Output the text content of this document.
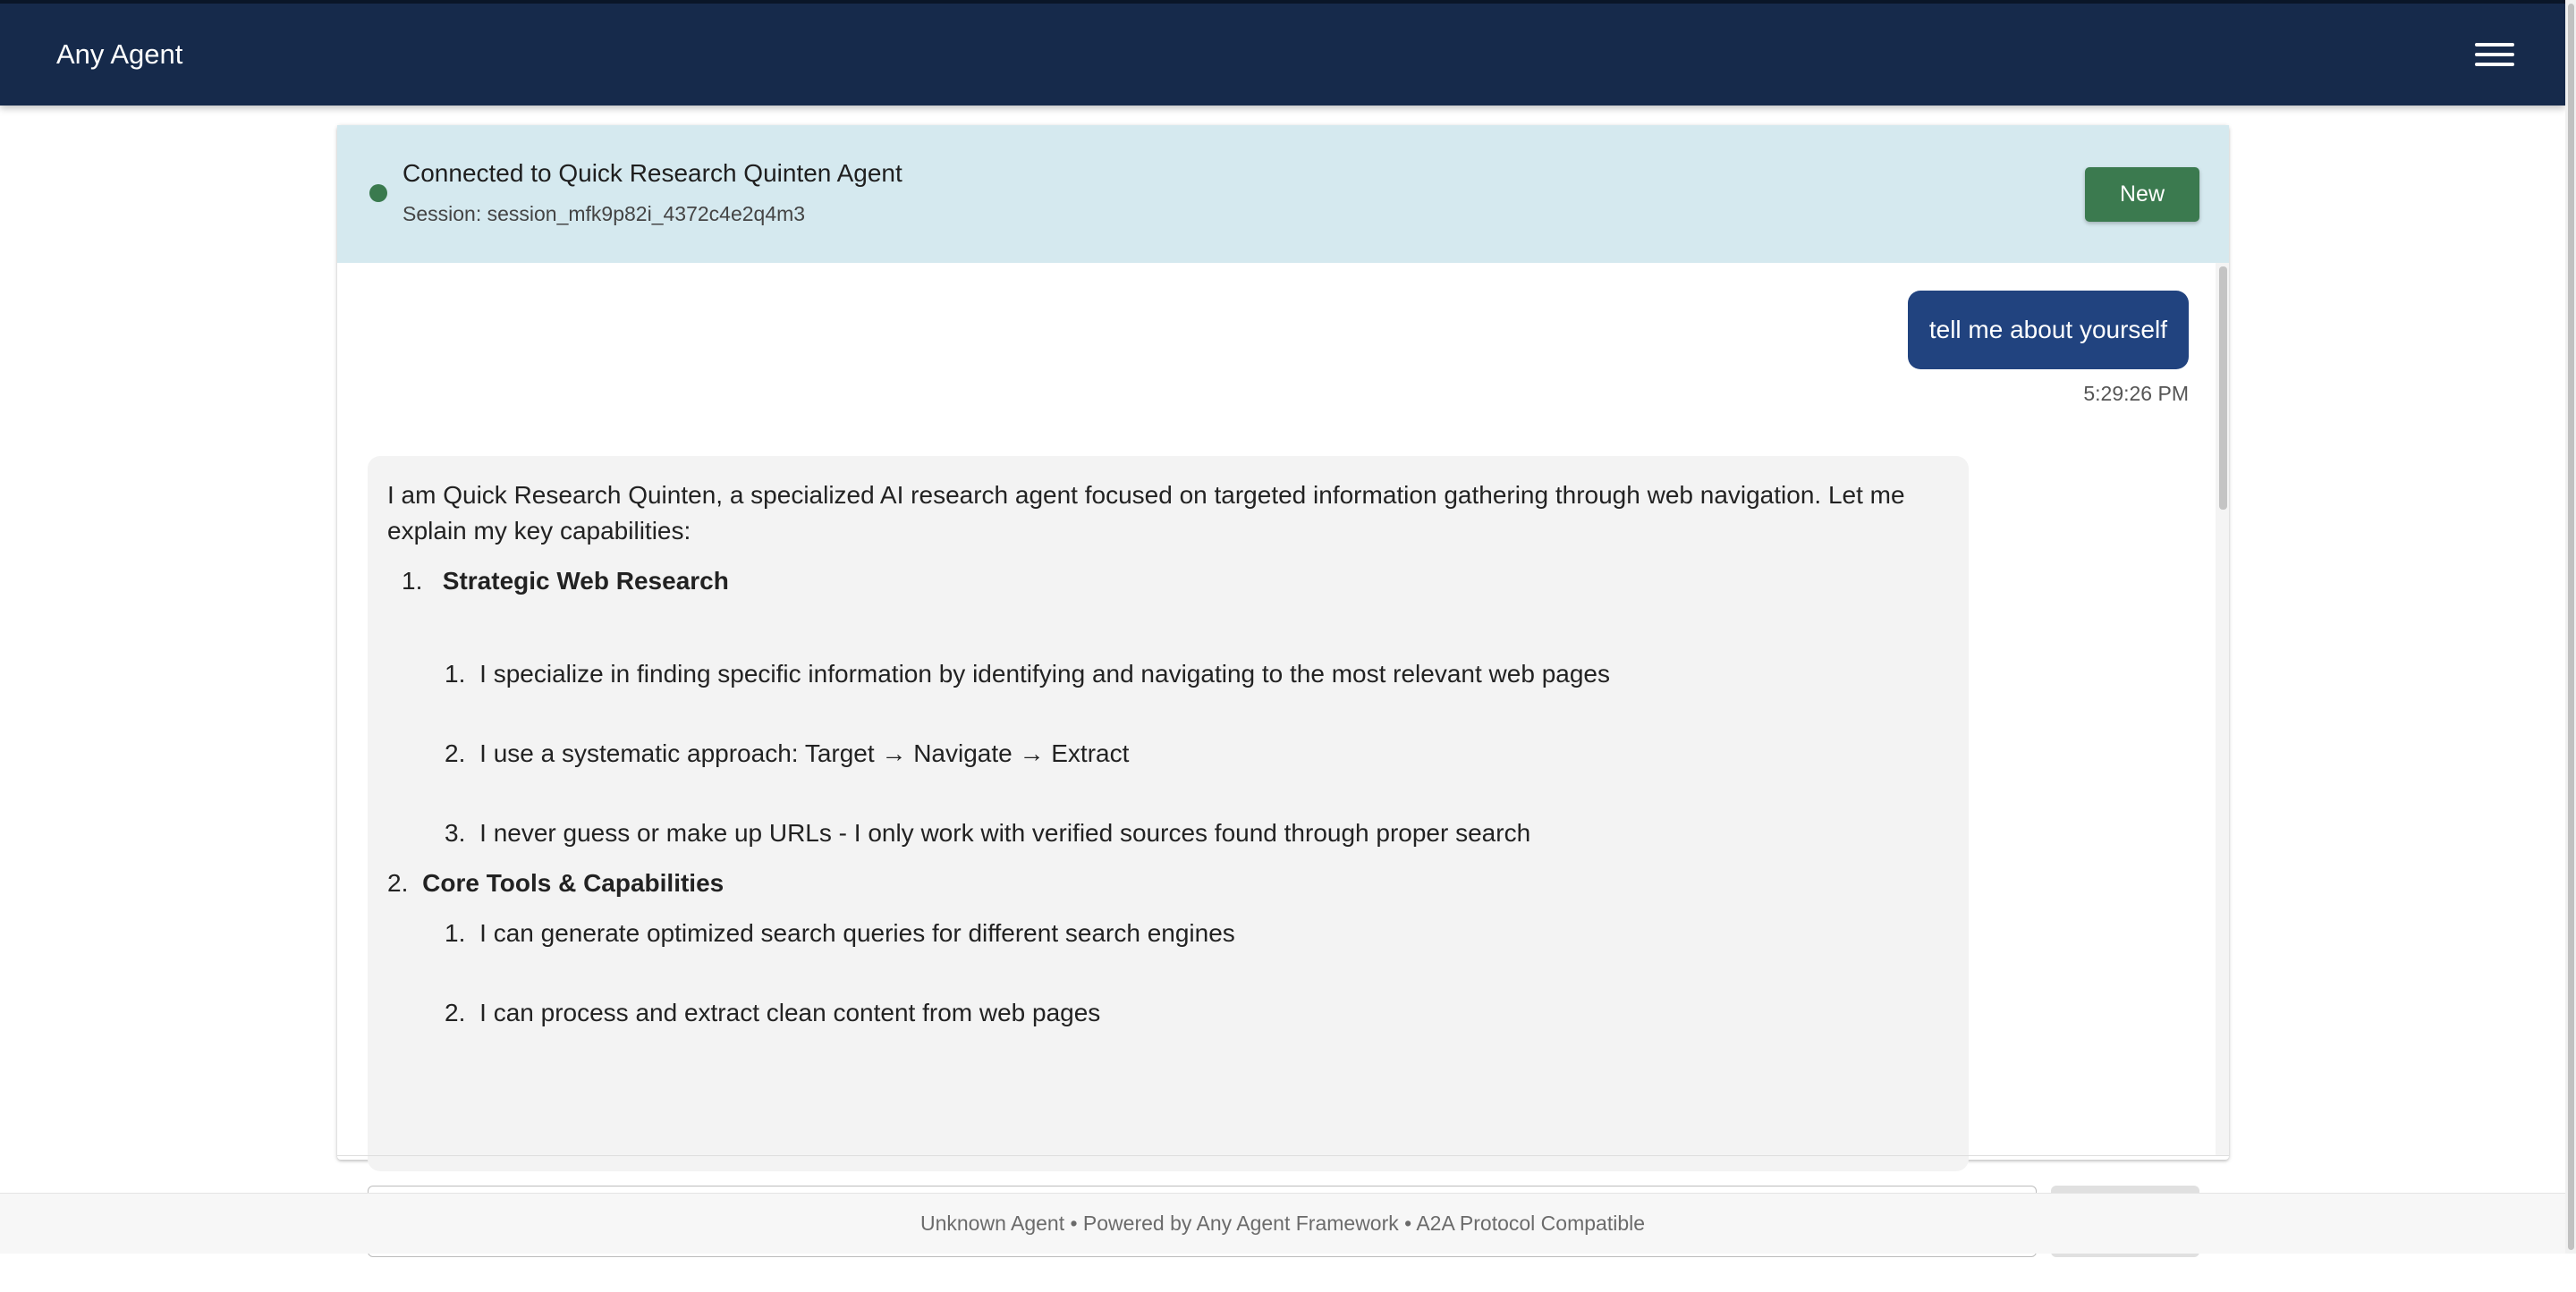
Any Agent
Connected to Quick Research Quinten Agent
Session: session_mfk9p82i_4372c4e2q4m3
New
tell me about yourself
5:29:26 PM

I am Quick Research Quinten, a specialized AI research agent focused on targeted information gathering through web navigation. Let me explain my key capabilities:

1. Strategic Web Research
1. I specialize in finding specific information by identifying and navigating to the most relevant web pages
2. I use a systematic approach: Target → Navigate → Extract
3. I never guess or make up URLs - I only work with verified sources found through proper search
2. Core Tools & Capabilities
1. I can generate optimized search queries for different search engines
2. I can process and extract clean content from web pages
Ask me anything...
Unknown Agent • Powered by Any Agent Framework • A2A Protocol Compatible
